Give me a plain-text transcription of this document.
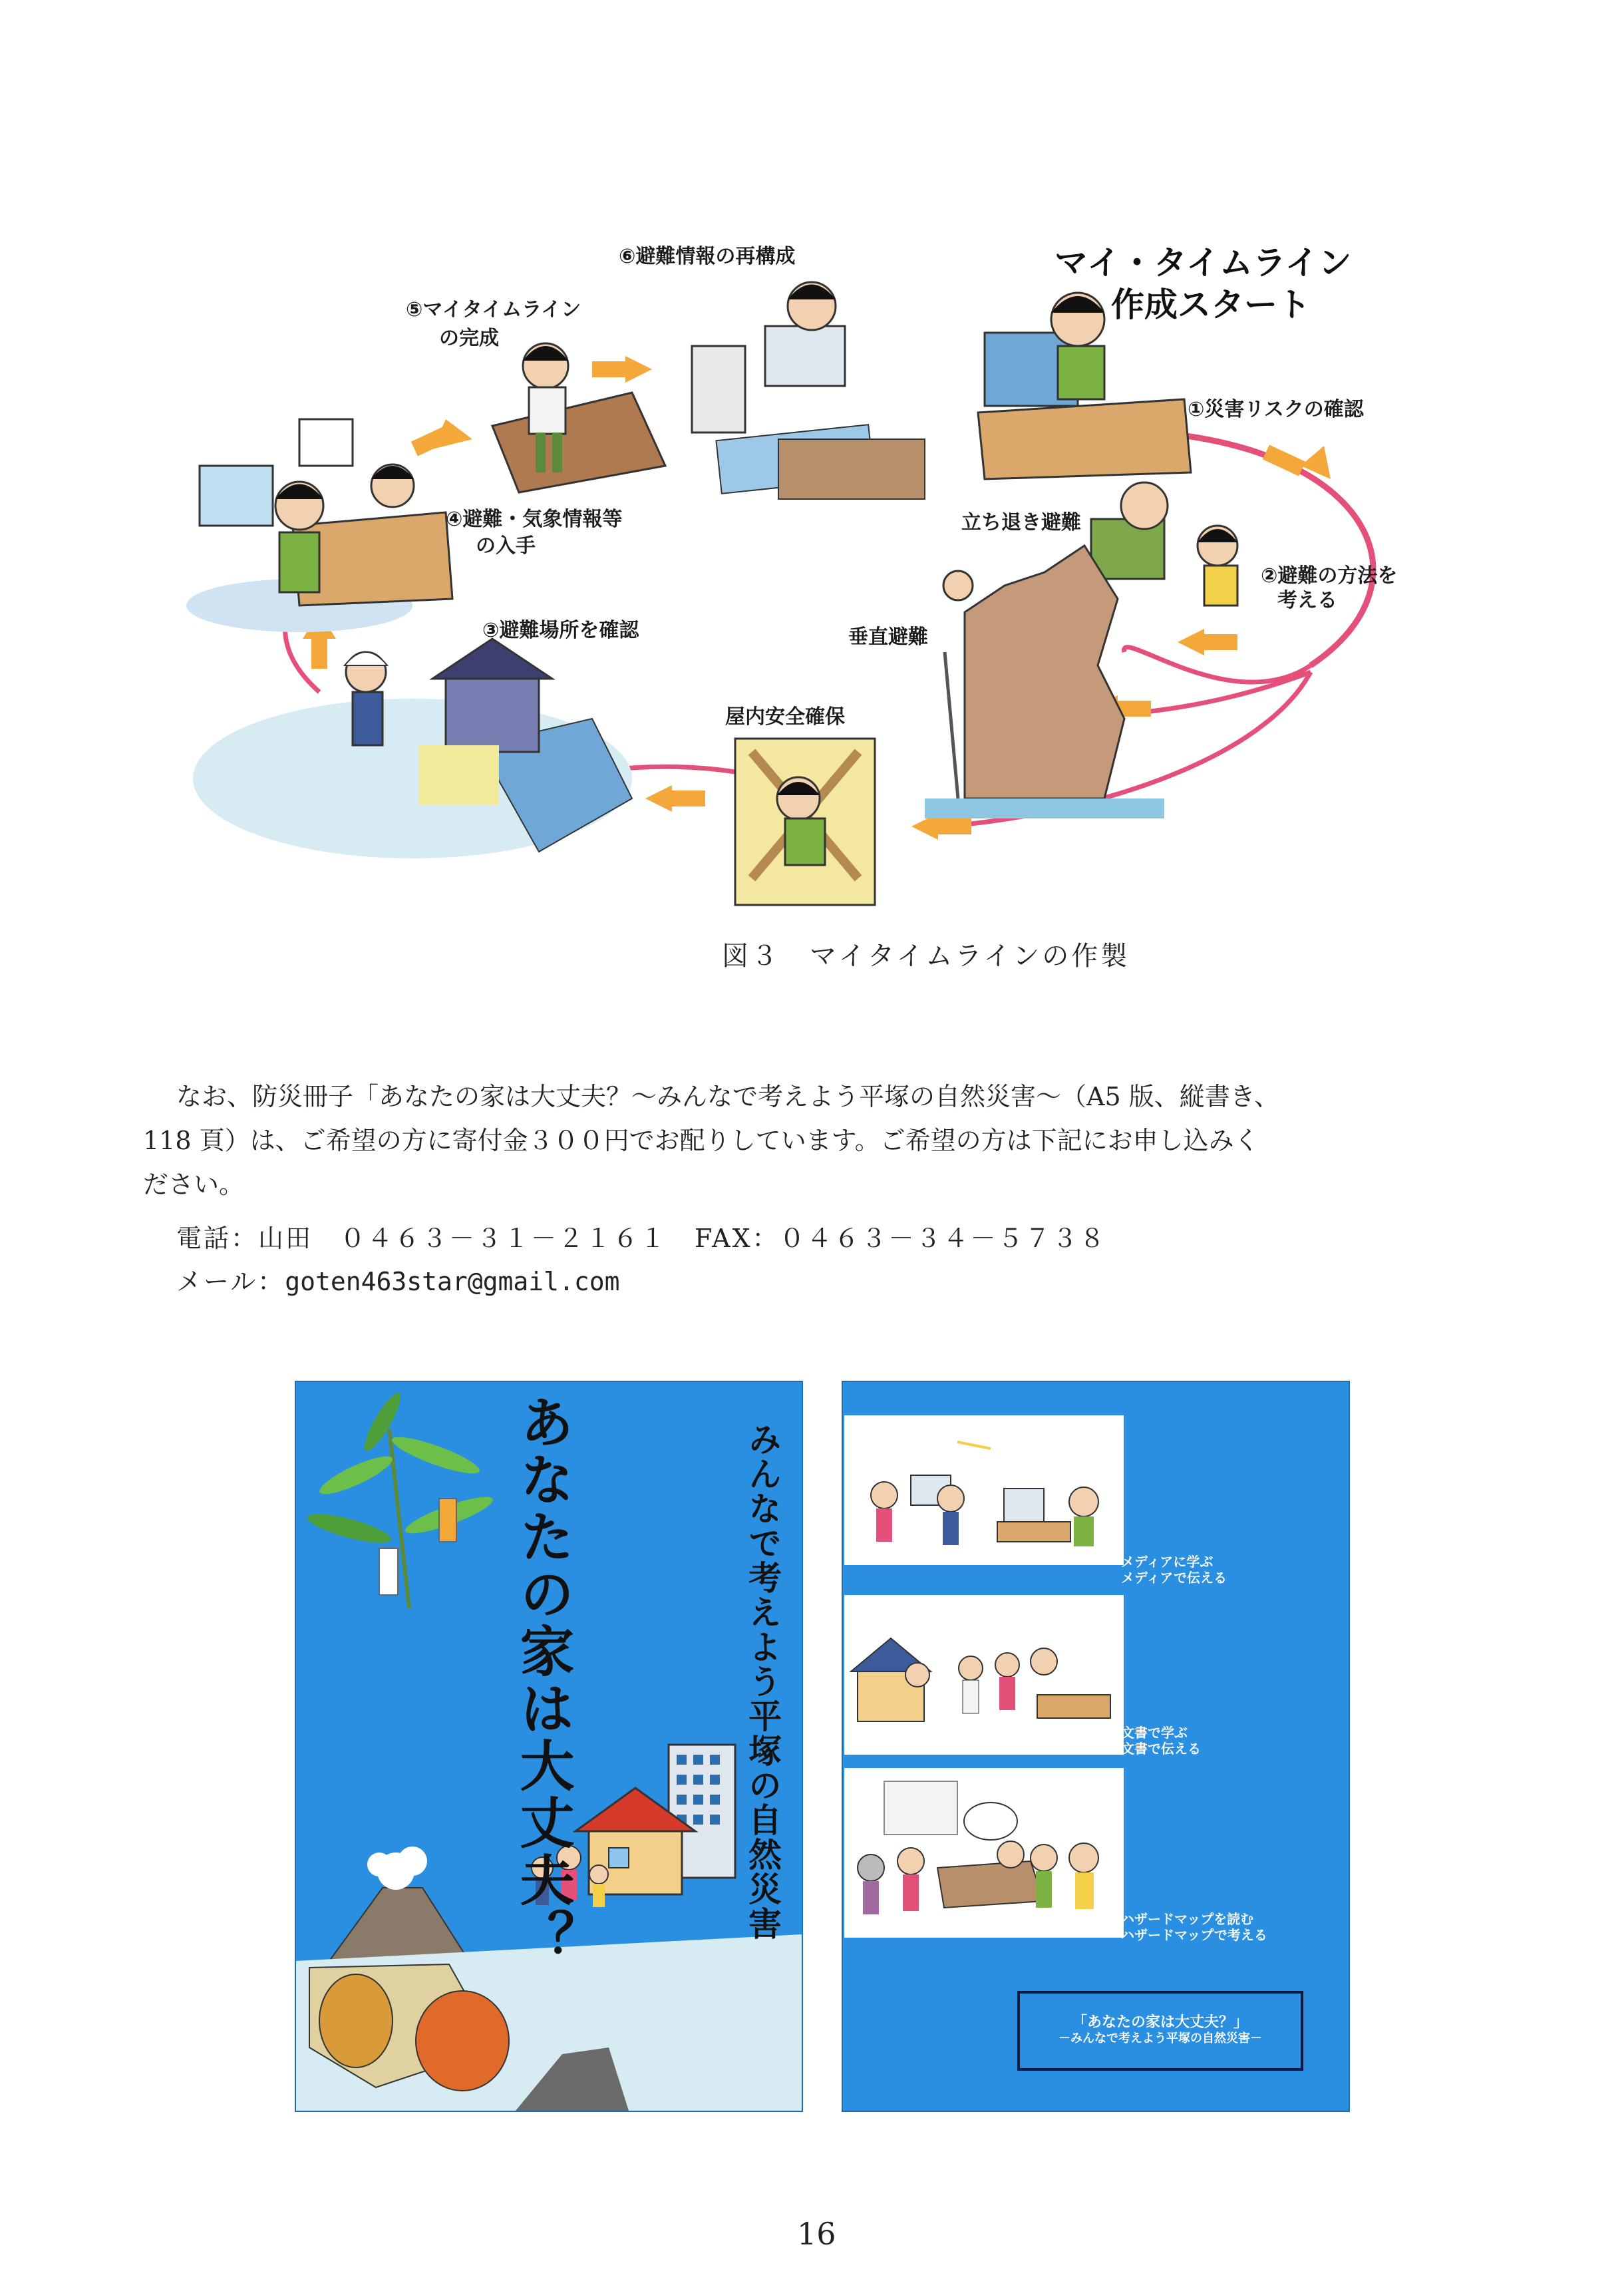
マイ・タイムライン
作成スタート
①災害リスクの確認
②避難の方法を
考える
③避難場所を確認
④避難・気象情報等
の入手
⑤マイタイムライン
の完成
⑥避難情報の再構成
立ち退き避難
垂直避難
屋内安全確保
図３　マイタイムラインの作製
なお、防災冊子「あなたの家は大丈夫？～みんなで考えよう平塚の自然災害～（A5 版、縦書き、
118 頁）は、ご希望の方に寄付金３００円でお配りしています。ご希望の方は下記にお申し込みく
ださい。
電話：山田　０４６３－３１－２１６１　FAX：０４６３－３４－５７３８
メール：goten463star@gmail.com
あなたの家は大丈夫？	みんなで考えよう平塚の自然災害	メディアに学ぶ
メディアで伝える
文書で学ぶ
文書で伝える
ハザードマップを読む
ハザードマップで考える
「あなたの家は大丈夫？」
－みんなで考えよう平塚の自然災害－
16
